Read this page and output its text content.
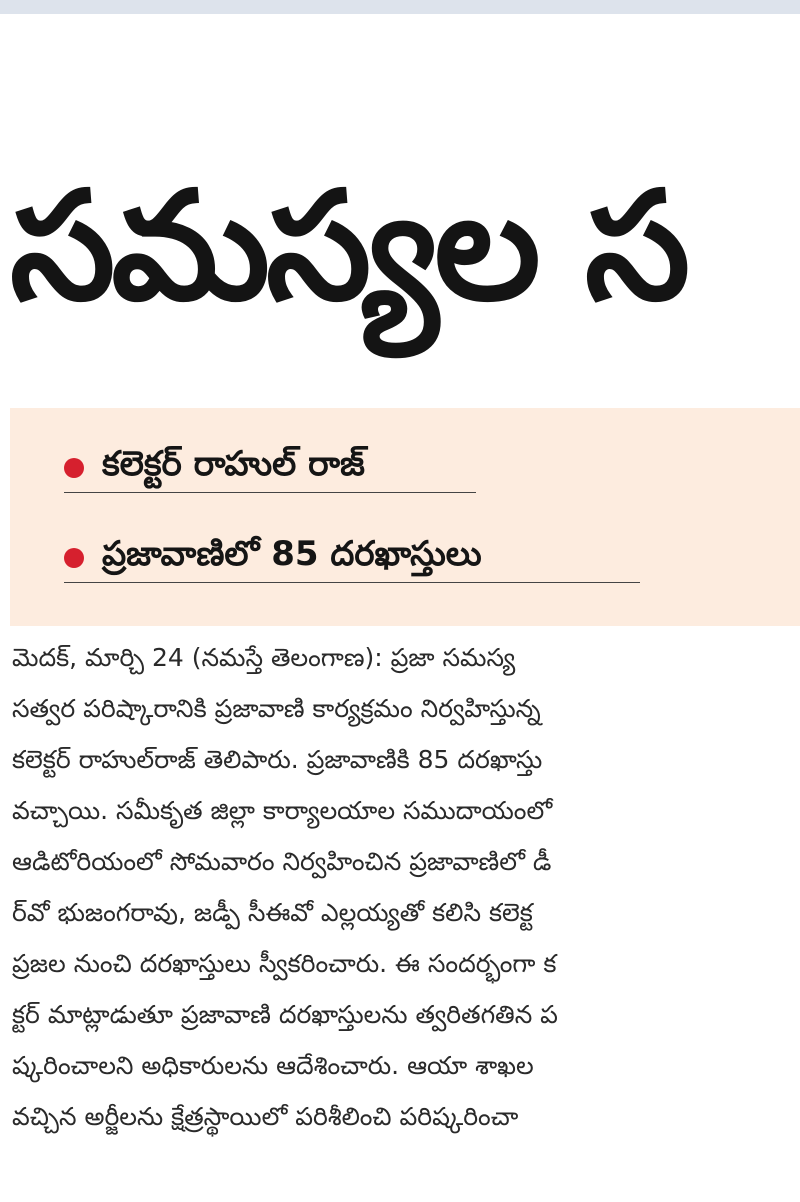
సమస్యల స
కలెక్టర్ రాహుల్ రాజ్
ప్రజావాణిలో 85 దరఖాస్తులు
మెదక్, మార్చి 24 (నమస్తే తెలంగాణ): ప్రజా సమస్య
సత్వర పరిష్కారానికి ప్రజావాణి కార్యక్రమం నిర్వహిస్తున్న
కలెక్టర్ రాహుల్‌రాజ్ తెలిపారు. ప్రజావాణికి 85 దరఖాస్తు
వచ్చాయి. సమీకృత జిల్లా కార్యాలయాల సముదాయంలో
ఆడిటోరియంలో సోమవారం నిర్వహించిన ప్రజావాణిలో డీ
ర్‌వో భుజంగరావు, జడ్పీ సీఈవో ఎల్లయ్యతో కలిసి కలెక్ట
ప్రజల నుంచి దరఖాస్తులు స్వీకరించారు. ఈ సందర్భంగా క
క్టర్ మాట్లాడుతూ ప్రజావాణి దరఖాస్తులను త్వరితగతిన ప
ష్కరించాలని అధికారులను ఆదేశించారు. ఆయా శాఖల
వచ్చిన అర్జీలను క్షేత్రస్థాయిలో పరిశీలించి పరిష్కరించా
